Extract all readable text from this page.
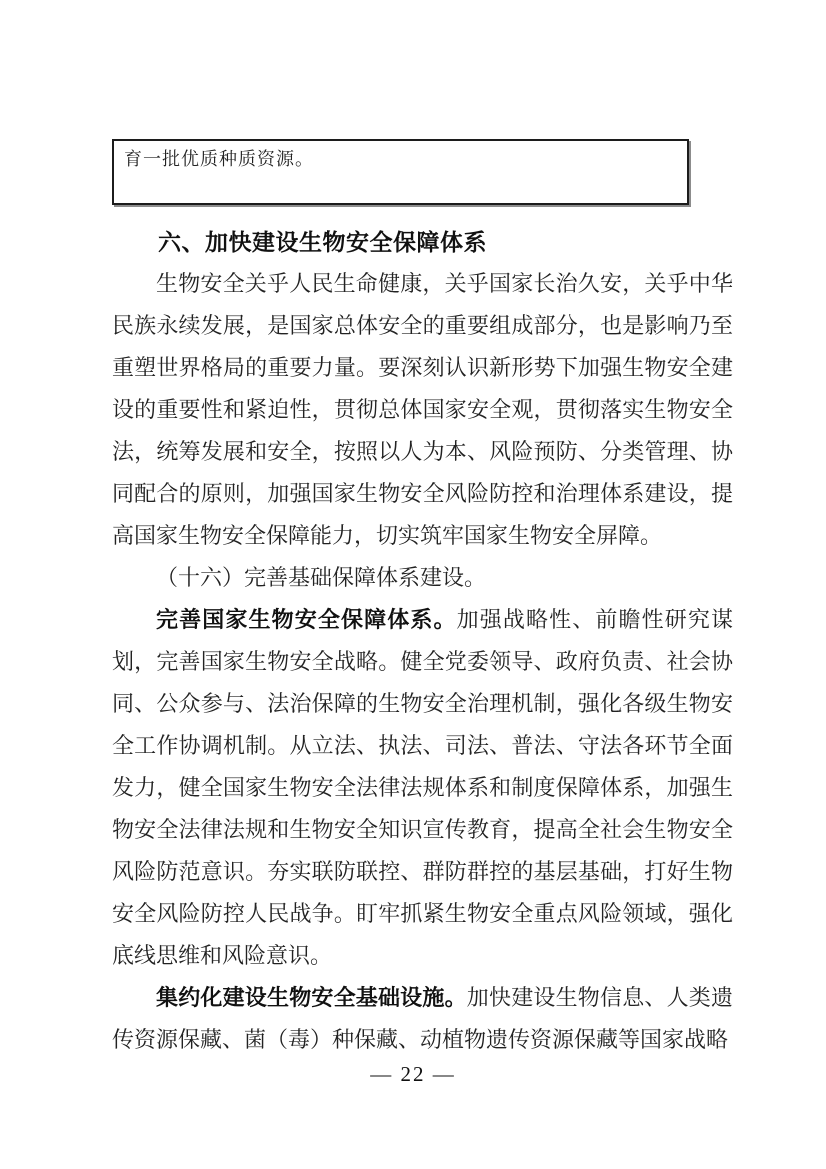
育一批优质种质资源。
六、加快建设生物安全保障体系

生物安全关乎人民生命健康，关乎国家长治久安，关乎中华民族永续发展，是国家总体安全的重要组成部分，也是影响乃至重塑世界格局的重要力量。要深刻认识新形势下加强生物安全建设的重要性和紧迫性，贯彻总体国家安全观，贯彻落实生物安全法，统筹发展和安全，按照以人为本、风险预防、分类管理、协同配合的原则，加强国家生物安全风险防控和治理体系建设，提高国家生物安全保障能力，切实筑牢国家生物安全屏障。

（十六）完善基础保障体系建设。

完善国家生物安全保障体系。加强战略性、前瞻性研究谋划，完善国家生物安全战略。健全党委领导、政府负责、社会协同、公众参与、法治保障的生物安全治理机制，强化各级生物安全工作协调机制。从立法、执法、司法、普法、守法各环节全面发力，健全国家生物安全法律法规体系和制度保障体系，加强生物安全法律法规和生物安全知识宣传教育，提高全社会生物安全风险防范意识。夯实联防联控、群防群控的基层基础，打好生物安全风险防控人民战争。盯牢抓紧生物安全重点风险领域，强化底线思维和风险意识。

集约化建设生物安全基础设施。加快建设生物信息、人类遗传资源保藏、菌（毒）种保藏、动植物遗传资源保藏等国家战略

— 22 —
